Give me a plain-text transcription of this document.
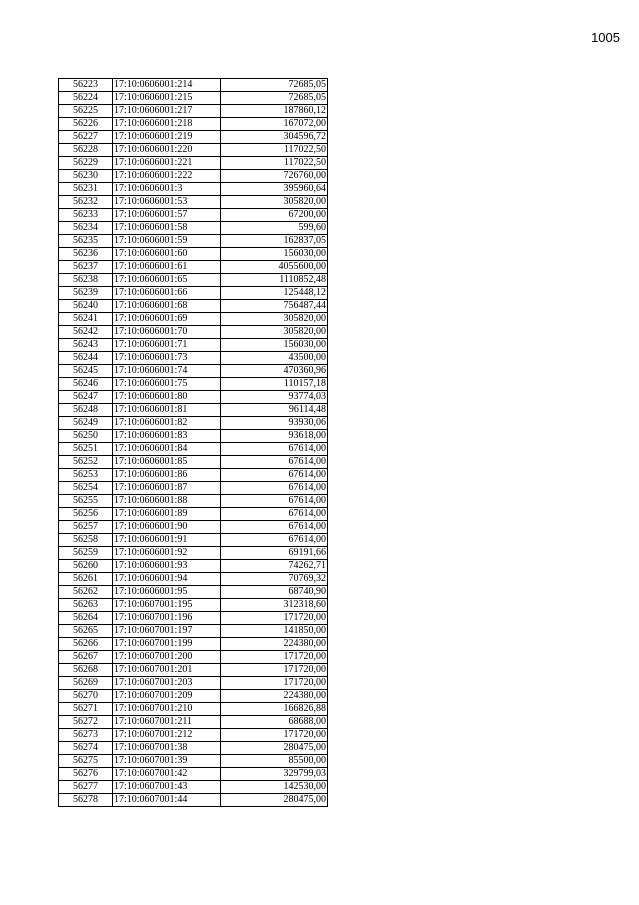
1005
56223	17:10:0606001:214	72685,05
56224	17:10:0606001:215	72685,05
56225	17:10:0606001:217	187860,12
56226	17:10:0606001:218	167072,00
56227	17:10:0606001:219	304596,72
56228	17:10:0606001:220	117022,50
56229	17:10:0606001:221	117022,50
56230	17:10:0606001:222	726760,00
56231	17:10:0606001:3	395960,64
56232	17:10:0606001:53	305820,00
56233	17:10:0606001:57	67200,00
56234	17:10:0606001:58	599,60
56235	17:10:0606001:59	162837,05
56236	17:10:0606001:60	156030,00
56237	17:10:0606001:61	4055600,00
56238	17:10:0606001:65	1110852,48
56239	17:10:0606001:66	125448,12
56240	17:10:0606001:68	756487,44
56241	17:10:0606001:69	305820,00
56242	17:10:0606001:70	305820,00
56243	17:10:0606001:71	156030,00
56244	17:10:0606001:73	43500,00
56245	17:10:0606001:74	470360,96
56246	17:10:0606001:75	110157,18
56247	17:10:0606001:80	93774,03
56248	17:10:0606001:81	96114,48
56249	17:10:0606001:82	93930,06
56250	17:10:0606001:83	93618,00
56251	17:10:0606001:84	67614,00
56252	17:10:0606001:85	67614,00
56253	17:10:0606001:86	67614,00
56254	17:10:0606001:87	67614,00
56255	17:10:0606001:88	67614,00
56256	17:10:0606001:89	67614,00
56257	17:10:0606001:90	67614,00
56258	17:10:0606001:91	67614,00
56259	17:10:0606001:92	69191,66
56260	17:10:0606001:93	74262,71
56261	17:10:0606001:94	70769,32
56262	17:10:0606001:95	68740,90
56263	17:10:0607001:195	312318,60
56264	17:10:0607001:196	171720,00
56265	17:10:0607001:197	141850,00
56266	17:10:0607001:199	224380,00
56267	17:10:0607001:200	171720,00
56268	17:10:0607001:201	171720,00
56269	17:10:0607001:203	171720,00
56270	17:10:0607001:209	224380,00
56271	17:10:0607001:210	166826,88
56272	17:10:0607001:211	68688,00
56273	17:10:0607001:212	171720,00
56274	17:10:0607001:38	280475,00
56275	17:10:0607001:39	85500,00
56276	17:10:0607001:42	329799,03
56277	17:10:0607001:43	142530,00
56278	17:10:0607001:44	280475,00
